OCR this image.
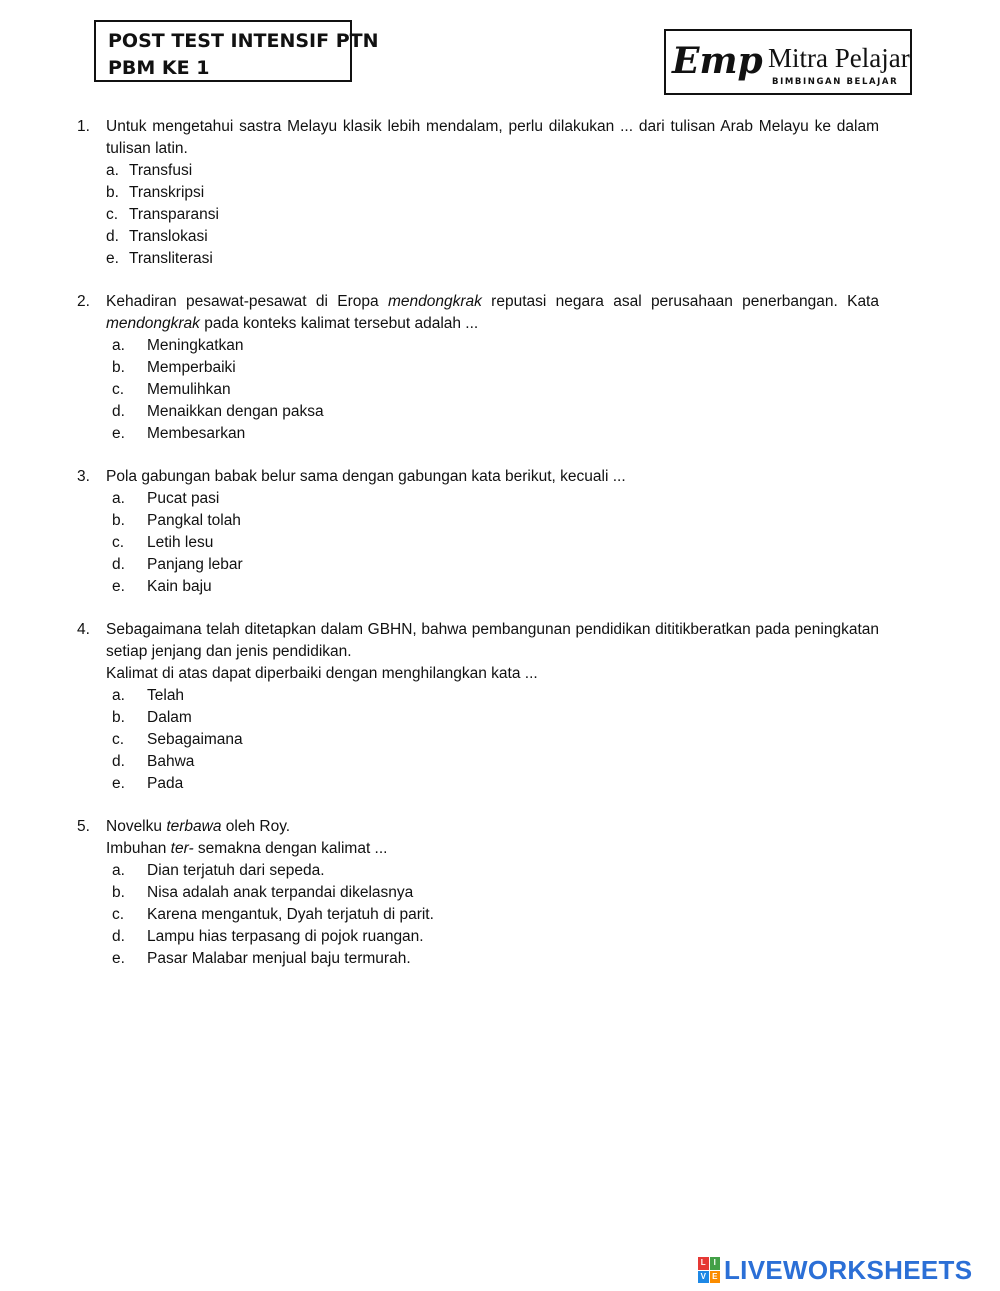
POST TEST INTENSIF PTN
PBM KE 1	Emp Mitra Pelajar
BIMBINGAN BELAJAR
1.	Untuk mengetahui sastra Melayu klasik lebih mendalam, perlu dilakukan ... dari tulisan Arab Melayu ke dalam tulisan latin.
a. Transfusi
b. Transkripsi
c. Transparansi
d. Translokasi
e. Transliterasi
2.	Kehadiran pesawat-pesawat di Eropa mendongkrak reputasi negara asal perusahaan penerbangan. Kata mendongkrak pada konteks kalimat tersebut adalah ...
a.	Meningkatkan
b.	Memperbaiki
c.	Memulihkan
d.	Menaikkan dengan paksa
e.	Membesarkan
3.	Pola gabungan babak belur sama dengan gabungan kata berikut, kecuali ...
a.	Pucat pasi
b.	Pangkal tolah
c.	Letih lesu
d.	Panjang lebar
e.	Kain baju
4.	Sebagaimana telah ditetapkan dalam GBHN, bahwa pembangunan pendidikan dititikberatkan pada peningkatan setiap jenjang dan jenis pendidikan.
Kalimat di atas dapat diperbaiki dengan menghilangkan kata ...
a.	Telah
b.	Dalam
c.	Sebagaimana
d.	Bahwa
e.	Pada
5.	Novelku terbawa oleh Roy.
Imbuhan ter- semakna dengan kalimat ...
a.	Dian terjatuh dari sepeda.
b.	Nisa adalah anak terpandai dikelasnya
c.	Karena mengantuk, Dyah terjatuh di parit.
d.	Lampu hias terpasang di pojok ruangan.
e.	Pasar Malabar menjual baju termurah.
L I
V E LIVEWORKSHEETS
